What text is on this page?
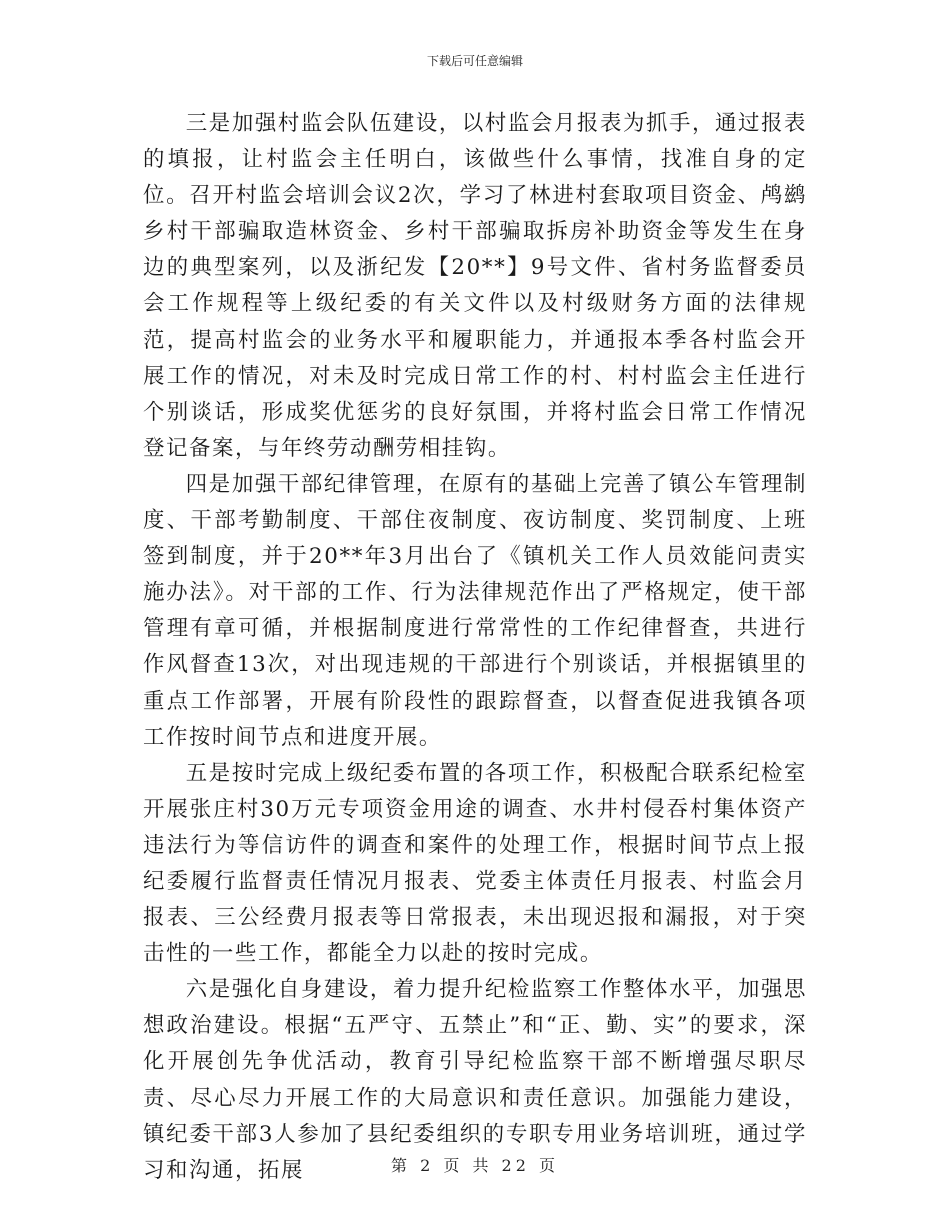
下载后可任意编辑

三是加强村监会队伍建设，以村监会月报表为抓手，通过报表的填报，让村监会主任明白，该做些什么事情，找准自身的定位。召开村监会培训会议2次，学习了林进村套取项目资金、鸬鹚乡村干部骗取造林资金、乡村干部骗取拆房补助资金等发生在身边的典型案列，以及浙纪发【20**】9号文件、省村务监督委员会工作规程等上级纪委的有关文件以及村级财务方面的法律规范，提高村监会的业务水平和履职能力，并通报本季各村监会开展工作的情况，对未及时完成日常工作的村、村村监会主任进行个别谈话，形成奖优惩劣的良好氛围，并将村监会日常工作情况登记备案，与年终劳动酬劳相挂钩。

四是加强干部纪律管理，在原有的基础上完善了镇公车管理制度、干部考勤制度、干部住夜制度、夜访制度、奖罚制度、上班签到制度，并于20**年3月出台了《镇机关工作人员效能问责实施办法》。对干部的工作、行为法律规范作出了严格规定，使干部管理有章可循，并根据制度进行常常性的工作纪律督查，共进行作风督查13次，对出现违规的干部进行个别谈话，并根据镇里的重点工作部署，开展有阶段性的跟踪督查，以督查促进我镇各项工作按时间节点和进度开展。

五是按时完成上级纪委布置的各项工作，积极配合联系纪检室开展张庄村30万元专项资金用途的调查、水井村侵吞村集体资产违法行为等信访件的调查和案件的处理工作，根据时间节点上报纪委履行监督责任情况月报表、党委主体责任月报表、村监会月报表、三公经费月报表等日常报表，未出现迟报和漏报，对于突击性的一些工作，都能全力以赴的按时完成。

六是强化自身建设，着力提升纪检监察工作整体水平，加强思想政治建设。根据“五严守、五禁止”和“正、勤、实”的要求，深化开展创先争优活动，教育引导纪检监察干部不断增强尽职尽责、尽心尽力开展工作的大局意识和责任意识。加强能力建设，镇纪委干部3人参加了县纪委组织的专职专用业务培训班，通过学习和沟通，拓展	第 2 页 共 22 页
